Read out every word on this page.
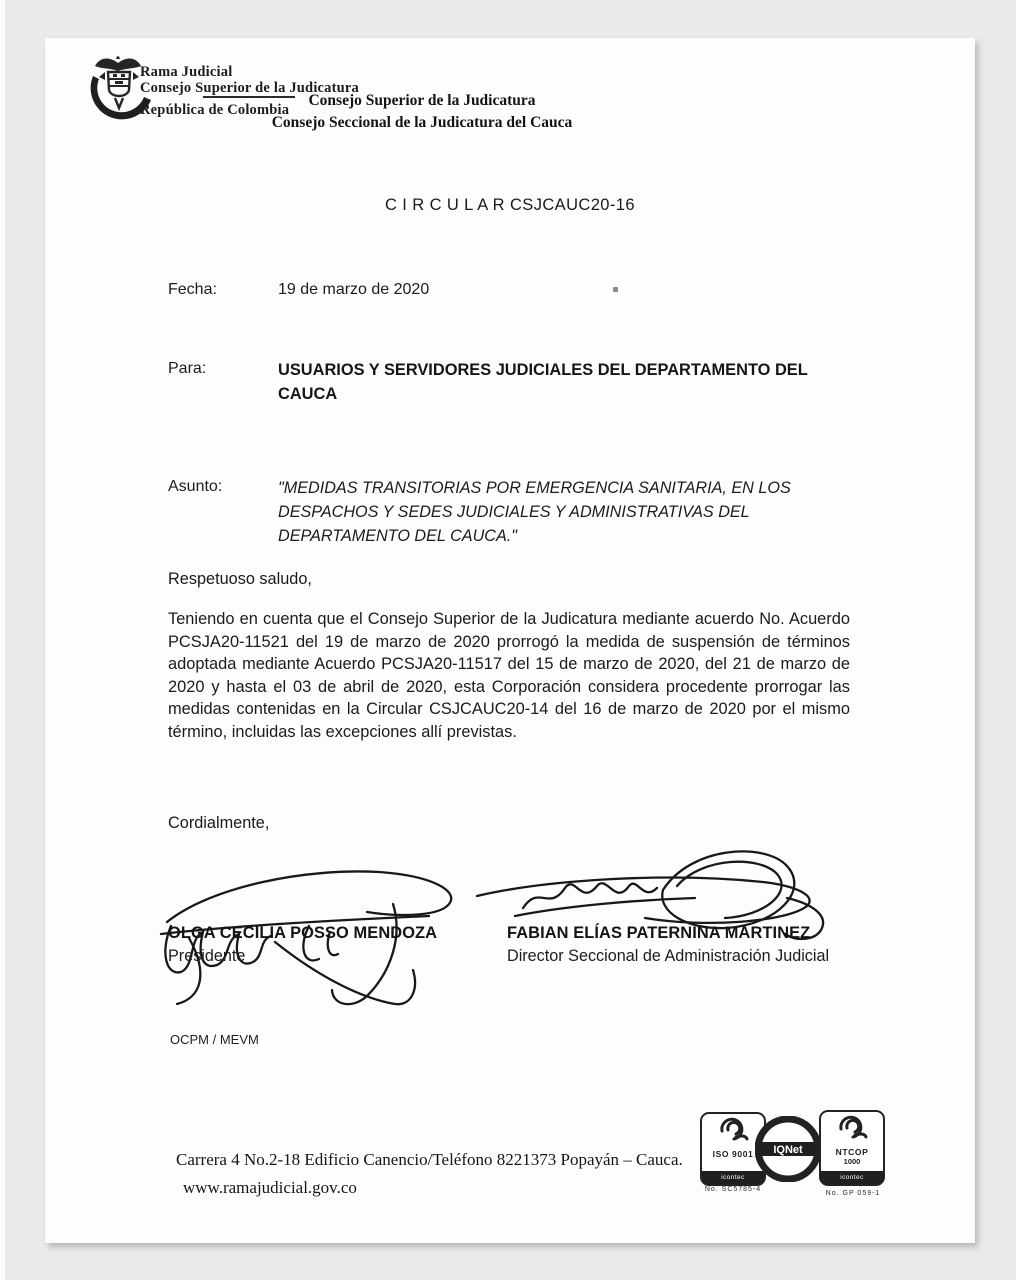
Rama Judicial
Consejo Superior de la Judicatura
República de Colombia
Consejo Superior de la Judicatura
Consejo Seccional de la Judicatura del Cauca
C I R C U L A R CSJCAUC20-16
Fecha:	19 de marzo de 2020
Para:	USUARIOS Y SERVIDORES JUDICIALES DEL DEPARTAMENTO DEL CAUCA
Asunto:	"MEDIDAS TRANSITORIAS POR EMERGENCIA SANITARIA, EN LOS DESPACHOS Y SEDES JUDICIALES Y ADMINISTRATIVAS DEL DEPARTAMENTO DEL CAUCA."
Respetuoso saludo,
Teniendo en cuenta que el Consejo Superior de la Judicatura mediante acuerdo No. Acuerdo PCSJA20-11521 del 19 de marzo de 2020 prorrogó la medida de suspensión de términos adoptada mediante Acuerdo PCSJA20-11517 del 15 de marzo de 2020, del 21 de marzo de 2020 y hasta el 03 de abril de 2020, esta Corporación considera procedente prorrogar las medidas contenidas en la Circular CSJCAUC20-14 del 16 de marzo de 2020 por el mismo término, incluidas las excepciones allí previstas.
Cordialmente,
OLGA CECILIA POSSO MENDOZA
Presidente
FABIAN ELÍAS PATERNINA MARTINEZ
Director Seccional de Administración Judicial
OCPM / MEVM
ISO 9001
icontec
No. SC5785-4
C E R T I F I E D
IQNet
MANAGEMENT SYSTEM
NTCOP
1000
icontec
No. GP 059-1
Carrera 4 No.2-18 Edificio Canencio/Teléfono 8221373 Popayán – Cauca.
www.ramajudicial.gov.co
